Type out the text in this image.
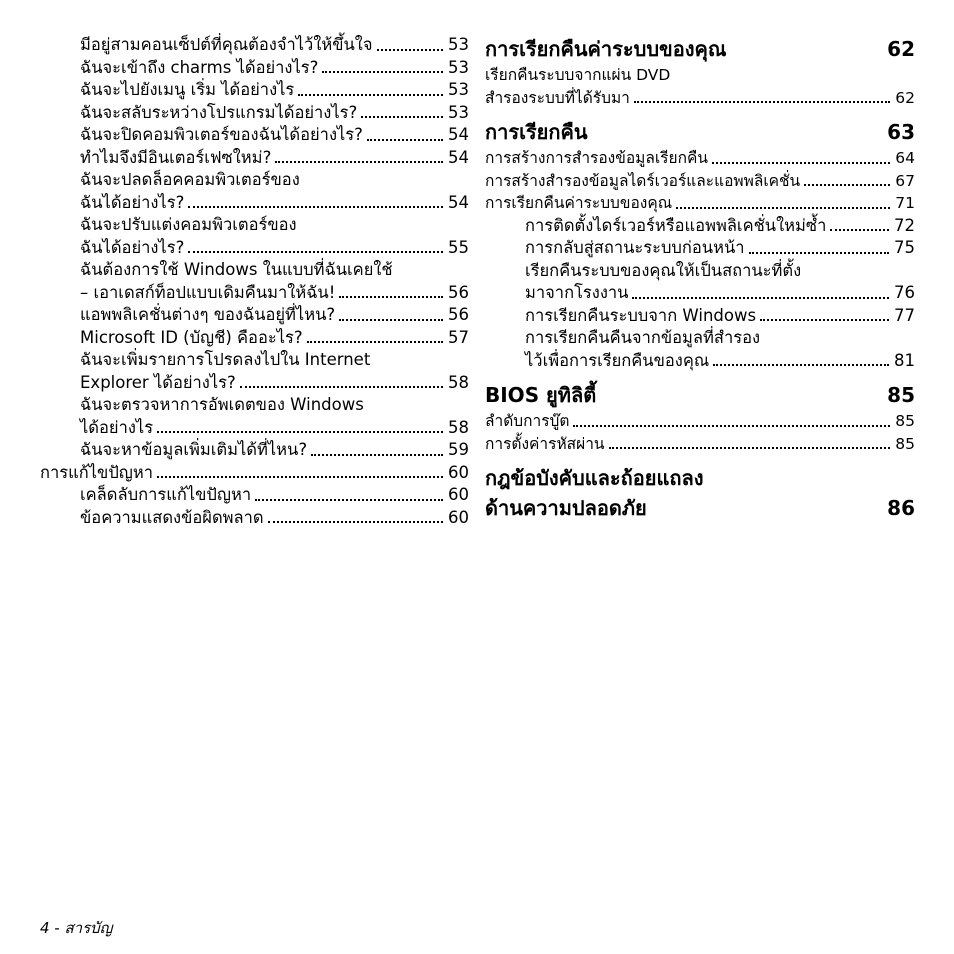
มีอยู่สามคอนเซ็ปต์ที่คุณต้องจำไว้ให้ขึ้นใจ	53
ฉันจะเข้าถึง charms ได้อย่างไร?	53
ฉันจะไปยังเมนู เริ่ม ได้อย่างไร	53
ฉันจะสลับระหว่างโปรแกรมได้อย่างไร?	53
ฉันจะปิดคอมพิวเตอร์ของฉันได้อย่างไร?	54
ทำไมจึงมีอินเตอร์เฟซใหม่?	54
ฉันจะปลดล็อคคอมพิวเตอร์ของ
ฉันได้อย่างไร?	54
ฉันจะปรับแต่งคอมพิวเตอร์ของ
ฉันได้อย่างไร?	55
ฉันต้องการใช้ Windows ในแบบที่ฉันเคยใช้
– เอาเดสก์ท็อปแบบเดิมคืนมาให้ฉัน!	56
แอพพลิเคชั่นต่างๆ ของฉันอยู่ที่ไหน?	56
Microsoft ID (บัญชี) คืออะไร?	57
ฉันจะเพิ่มรายการโปรดลงไปใน Internet
Explorer ได้อย่างไร?	58
ฉันจะตรวจหาการอัพเดตของ Windows
ได้อย่างไร	58
ฉันจะหาข้อมูลเพิ่มเติมได้ที่ไหน?	59
การแก้ไขปัญหา	60
เคล็ดลับการแก้ไขปัญหา	60
ข้อความแสดงข้อผิดพลาด	60
การเรียกคืนค่าระบบของคุณ	62
เรียกคืนระบบจากแผ่น DVD
สำรองระบบที่ได้รับมา	62
การเรียกคืน	63
การสร้างการสำรองข้อมูลเรียกคืน	64
การสร้างสำรองข้อมูลไดร์เวอร์และแอพพลิเคชั่น	67
การเรียกคืนค่าระบบของคุณ	71
การติดตั้งไดร์เวอร์หรือแอพพลิเคชั่นใหม่ซ้ำ	72
การกลับสู่สถานะระบบก่อนหน้า	75
เรียกคืนระบบของคุณให้เป็นสถานะที่ตั้ง
มาจากโรงงาน	76
การเรียกคืนระบบจาก Windows	77
การเรียกคืนคืนจากข้อมูลที่สำรอง
ไว้เพื่อการเรียกคืนของคุณ	81
BIOS ยูทิลิตี้	85
ลำดับการบู๊ต	85
การตั้งค่ารหัสผ่าน	85
กฎข้อบังคับและถ้อยแถลง
ด้านความปลอดภัย	86
4 - สารบัญ
